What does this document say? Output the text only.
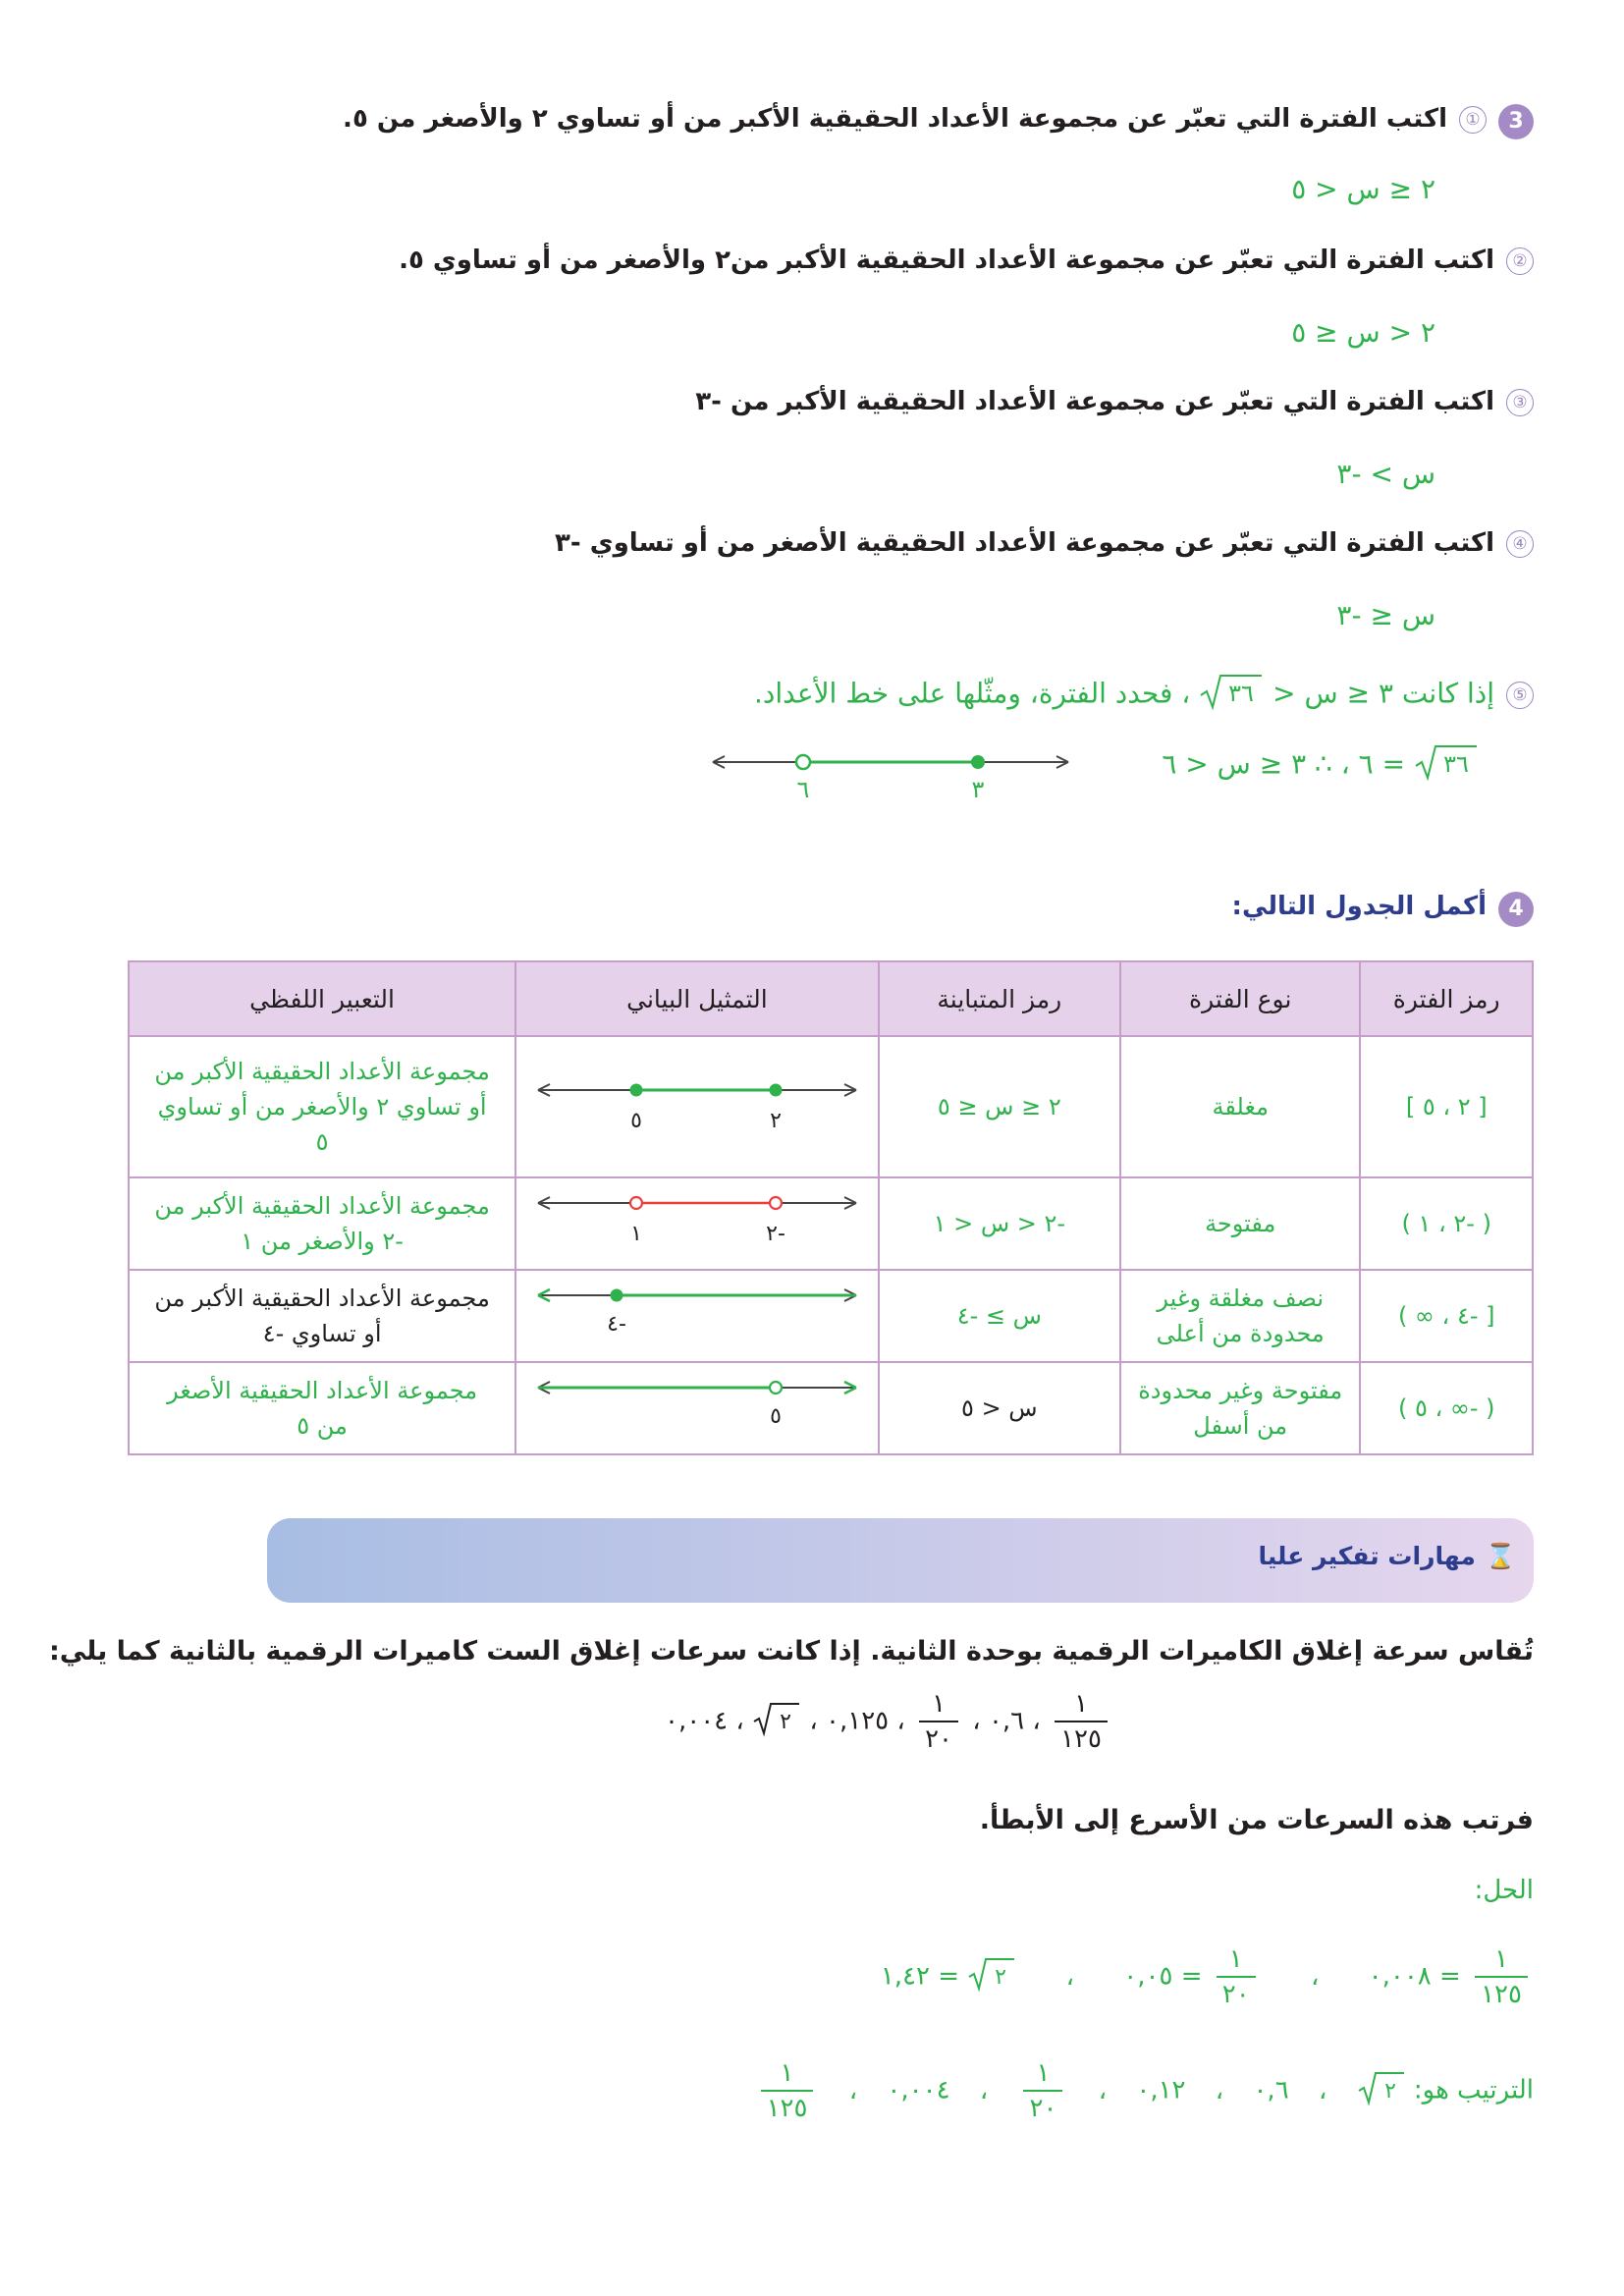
3
①اكتب الفترة التي تعبّر عن مجموعة الأعداد الحقيقية الأكبر من أو تساوي ٢ والأصغر من ٥.
٢ ≤ س < ٥
②اكتب الفترة التي تعبّر عن مجموعة الأعداد الحقيقية الأكبر من٢ والأصغر من أو تساوي ٥.
٢ < س ≤ ٥
③اكتب الفترة التي تعبّر عن مجموعة الأعداد الحقيقية الأكبر من -٣
س > -٣
④اكتب الفترة التي تعبّر عن مجموعة الأعداد الحقيقية الأصغر من أو تساوي -٣
س ≤ -٣
⑤إذا كانت ٣ ≤ س <
٣٦
، فحدد الفترة، ومثّلها على خط الأعداد.
٣٦
= ٦ ، ∴ ٣ ≤ س < ٦
٦	٣
4
أكمل الجدول التالي:
رمز الفترة	نوع الفترة	رمز المتباينة	التمثيل البياني	التعبير اللفظي
[ ٢ ، ٥ ]	مغلقة	٢ ≤ س ≤ ٥	٥ ٢	مجموعة الأعداد الحقيقية الأكبر من أو تساوي ٢ والأصغر من أو تساوي ٥
( -٢ ، ١ )	مفتوحة	-٢ < س < ١	١ -٢	مجموعة الأعداد الحقيقية الأكبر من -٢ والأصغر من ١
[ -٤ ، ∞ )	نصف مغلقة وغير محدودة من أعلى	س ≥ -٤	-٤	مجموعة الأعداد الحقيقية الأكبر من أو تساوي -٤
( -∞ ، ٥ )	مفتوحة وغير محدودة من أسفل	س < ٥	٥	مجموعة الأعداد الحقيقية الأصغر من ٥
⌛مهارات تفكير عليا
تُقاس سرعة إغلاق الكاميرات الرقمية بوحدة الثانية. إذا كانت سرعات إغلاق الست كاميرات الرقمية بالثانية كما يلي:
$\frac{١}{١٢٥}$
، ٠,٦ ،
$\frac{١}{٢٠}$
، ٠,١٢٥ ،
٢
، ٠,٠٠٤
فرتب هذه السرعات من الأسرع إلى الأبطأ.
الحل:
$\frac{١}{١٢٥}$
= ٠,٠٠٨ ،
$\frac{١}{٢٠}$
= ٠,٠٥ ،
٢
= ١,٤٢
الترتيب هو:
٢
، ٠,٦ ، ٠,١٢ ،
$\frac{١}{٢٠}$
، ٠,٠٠٤ ،
$\frac{١}{١٢٥}$
